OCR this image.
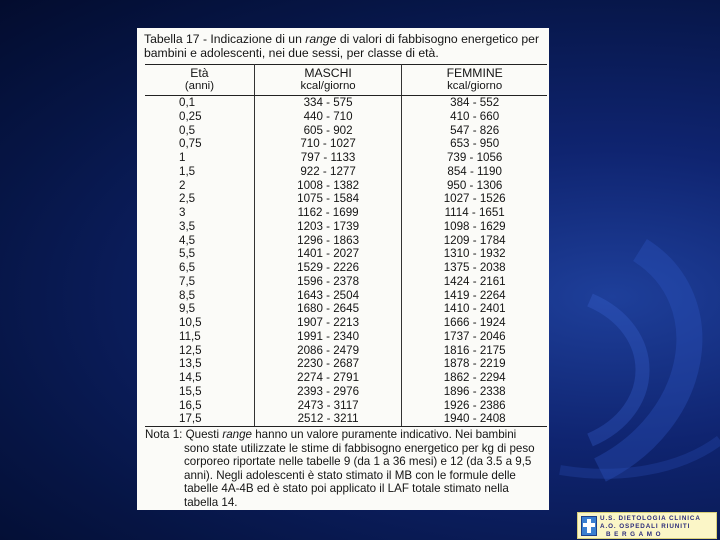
Tabella 17 - Indicazione di un range di valori di fabbisogno energetico per bambini e adolescenti, nei due sessi, per classe di età.
Età	MASCHI	FEMMINE
(anni)	kcal/giorno	kcal/giorno
0,1	334 - 575	384 - 552
0,25	440 - 710	410 - 660
0,5	605 - 902	547 - 826
0,75	710 - 1027	653 - 950
1	797 - 1133	739 - 1056
1,5	922 - 1277	854 - 1190
2	1008 - 1382	950 - 1306
2,5	1075 - 1584	1027 - 1526
3	1162 - 1699	1114 - 1651
3,5	1203 - 1739	1098 - 1629
4,5	1296 - 1863	1209 - 1784
5,5	1401 - 2027	1310 - 1932
6,5	1529 - 2226	1375 - 2038
7,5	1596 - 2378	1424 - 2161
8,5	1643 - 2504	1419 - 2264
9,5	1680 - 2645	1410 - 2401
10,5	1907 - 2213	1666 - 1924
11,5	1991 - 2340	1737 - 2046
12,5	2086 - 2479	1816 - 2175
13,5	2230 - 2687	1878 - 2219
14,5	2274 - 2791	1862 - 2294
15,5	2393 - 2976	1896 - 2338
16,5	2473 - 3117	1926 - 2386
17,5	2512 - 3211	1940 - 2408
Nota 1: Questi range hanno un valore puramente indicativo. Nei bambini
sono state utilizzate le stime di fabbisogno energetico per kg di peso corporeo riportate nelle tabelle 9 (da 1 a 36 mesi) e 12 (da 3.5 a 9,5 anni). Negli adolescenti è stato stimato il MB con le formule delle tabelle 4A-4B ed è stato poi applicato il LAF totale stimato nella tabella 14.
U.S. DIETOLOGIA CLINICA
A.O. OSPEDALI RIUNITI
BERGAMO
